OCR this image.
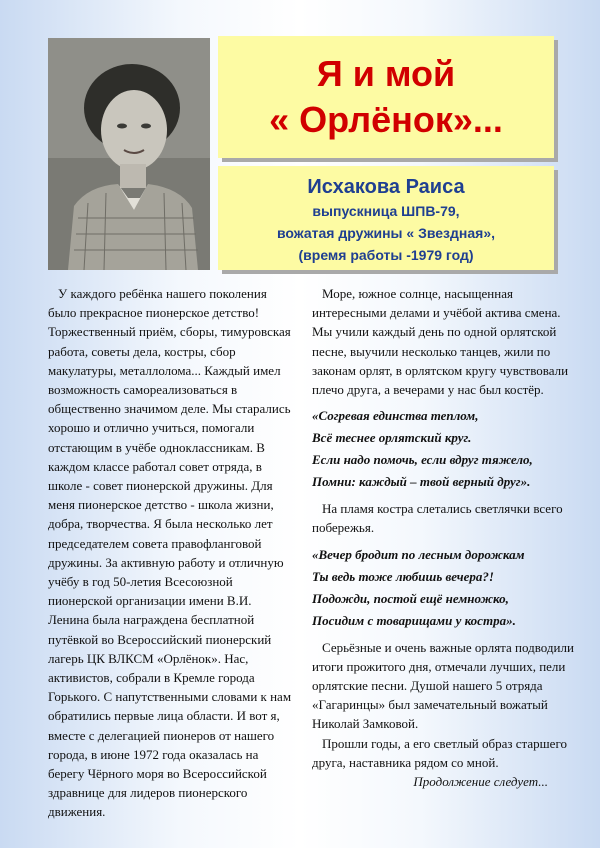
Я и мой
« Орлёнок»...
Исхакова Раиса
выпускница ШПВ-79,
вожатая дружины « Звездная»,
(время работы -1979 год)

У каждого ребёнка нашего поколения было прекрасное пионерское детство! Торжественный приём, сборы, тимуровская работа, советы дела, костры, сбор макулатуры, металлолома... Каждый имел возможность самореализоваться в общественно значимом деле. Мы старались хорошо и отлично учиться, помогали отстающим в учёбе одноклассникам. В каждом классе работал совет отряда, в школе - совет пионерской дружины. Для меня пионерское детство - школа жизни, добра, творчества. Я была несколько лет председателем совета правофланговой дружины. За активную работу и отличную учёбу в год 50-летия Всесоюзной пионерской организации имени В.И. Ленина была награждена бесплатной путёвкой во Всероссийский пионерский лагерь ЦК ВЛКСМ «Орлёнок». Нас, активистов, собрали в Кремле города Горького. С напутственными словами к нам обратились первые лица области. И вот я, вместе с делегацией пионеров от нашего города, в июне 1972 года оказалась на берегу Чёрного моря во Всероссийской здравнице для лидеров пионерского движения.

Море, южное солнце, насыщенная интересными делами и учёбой актива смена. Мы учили каждый день по одной орлятской песне, выучили несколько танцев, жили по законам орлят, в орлятском кругу чувствовали плечо друга, а вечерами у нас был костёр.

«Согревая единства теплом,
Всё теснее орлятский круг.
Если надо помочь, если вдруг тяжело,
Помни: каждый – твой верный друг».

На пламя костра слетались светлячки всего побережья.

«Вечер бродит по лесным дорожкам
Ты ведь тоже любишь вечера?!
Подожди, постой ещё немножко,
Посидим с товарищами у костра».

Серьёзные и очень важные орлята подводили итоги прожитого дня, отмечали лучших, пели орлятские песни. Душой нашего 5 отряда «Гагаринцы» был замечательный вожатый Николай Замковой.

Прошли годы, а его светлый образ старшего друга, наставника рядом со мной.

Продолжение следует...
